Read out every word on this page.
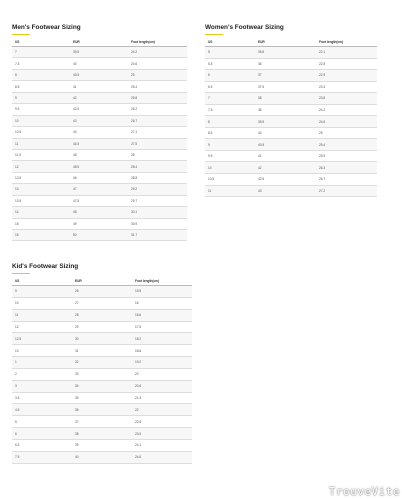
Men's Footwear Sizing
US	EUR	Foot length(cm)
7	39.5	24.2
7.5	40	24.6
8	40.5	25
8.5	41	25.4
9	42	25.8
9.5	42.5	26.2
10	43	26.7
10.5	44	27.1
11	44.5	27.5
11.5	45	28
12	45.5	28.4
12.5	46	28.8
13	47	29.2
13.5	47.5	29.7
14	48	30.1
15	49	30.9
16	50	31.7
Women's Footwear Sizing
US	EUR	Foot length(cm)
5	35.5	22.1
5.5	36	22.5
6	37	22.9
6.5	37.5	23.3
7	38	23.8
7.5	38	24.2
8	39.5	24.6
8.5	40	25
9	40.5	25.4
9.5	41	25.9
10	42	26.3
10.5	42.5	26.7
11	43	27.2
Kid's Footwear Sizing
US	EUR	Foot length(cm)
9	26	15.5
10	27	16
11	28	16.6
12	29	17.5
12.5	30	18.2
13	31	18.6
1	32	19.2
2	33	20
3	34	20.6
3.5	35	21.3
4.5	36	22
5	37	22.8
6	38	23.5
6.5	39	24.1
7.5	40	24.6
TrouveVite
